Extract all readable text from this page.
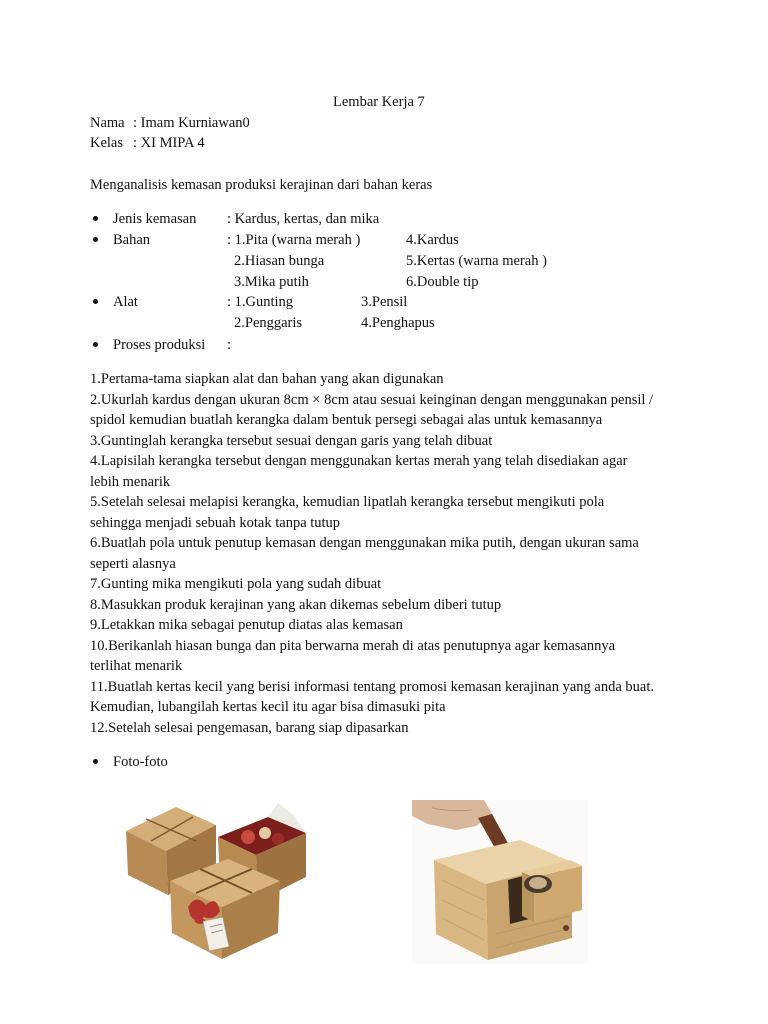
Lembar Kerja 7
Nama : Imam Kurniawan0
Kelas : XI MIPA 4
Menganalisis kemasan produksi kerajinan dari bahan keras
Jenis kemasan : Kardus, kertas, dan mika
Bahan	: 1.Pita (warna merah )
2.Hiasan bunga
3.Mika putih
4.Kardus
5.Kertas (warna merah )
6.Double tip
Alat	: 1.Gunting
2.Penggaris
3.Pensil
4.Penghapus
Proses produksi :
1.Pertama-tama siapkan alat dan bahan yang akan digunakan
2.Ukurlah kardus dengan ukuran 8cm × 8cm atau sesuai keinginan dengan menggunakan pensil /
spidol kemudian buatlah kerangka dalam bentuk persegi sebagai alas untuk kemasannya
3.Guntinglah kerangka tersebut sesuai dengan garis yang telah dibuat
4.Lapisilah kerangka tersebut dengan menggunakan kertas merah yang telah disediakan agar
lebih menarik
5.Setelah selesai melapisi kerangka, kemudian lipatlah kerangka tersebut mengikuti pola
sehingga menjadi sebuah kotak tanpa tutup
6.Buatlah pola untuk penutup kemasan dengan menggunakan mika putih, dengan ukuran sama
seperti alasnya
7.Gunting mika mengikuti pola yang sudah dibuat
8.Masukkan produk kerajinan yang akan dikemas sebelum diberi tutup
9.Letakkan mika sebagai penutup diatas alas kemasan
10.Berikanlah hiasan bunga dan pita berwarna merah di atas penutupnya agar kemasannya
terlihat menarik
11.Buatlah kertas kecil yang berisi informasi tentang promosi kemasan kerajinan yang anda buat.
Kemudian, lubangilah kertas kecil itu agar bisa dimasuki pita
12.Setelah selesai pengemasan, barang siap dipasarkan
Foto-foto
